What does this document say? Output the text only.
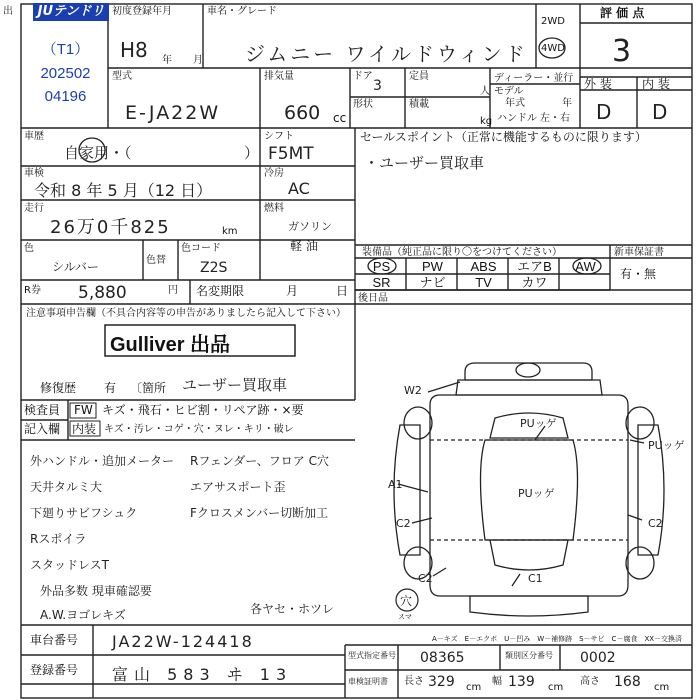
出	JUテンドリ
（T1）
202502
04196
初度登録年月
H8 年 月
車名・グレード
ジムニー ワイルドウィンド
2WD
4WD
評 価 点
3
外 装	内 装
D D
型式
E-JA22W
排気量
660 cc
ドア
3
定員
人 モデル
形状	積載
kg
ディーラー・並行
年式	年
ハンドル 左・右
車歴
自家用・（	）
シフト
F5MT
車検
令和 8 年 5 月（12 日）
冷房
AC
走行
26万0千825	km
燃料
ガソリン
軽 油
色
シルバー	色替
色コード
Z2S
R券 5,880	円 名変期限	月	日
セールスポイント（正常に機能するものに限ります）
・ユーザー買取車
装備品（純正品に限り〇をつけてください）	新車保証書
有・無
PS	PW	ABS	エアB	AW
SR	ナビ	TV	カワ
後日品
注意事項申告欄（不具合内容等の申告がありましたら記入して下さい）
Gulliver 出品
修復歴 有 〔箇所 ユーザー買取車
検査員
記入欄
FW キズ・飛石・ヒビ割・リペア跡・×要
内装 キズ・汚レ・コゲ・穴・ヌレ・キリ・破レ
外ハンドル・追加メーター
天井タルミ大
下廻りサビフシュク
Rスポイラ
スタッドレスT
外品多数 現車確認要
A.W.ヨゴレキズ
Rフェンダー、フロア C穴
エアサスポート歪
Fクロスメンバー切断加工
各ヤセ・ホツレ
W2
PUッゲ
PUッゲ
PUッゲ
A1
C2	C2
C2	C1
穴
スマ
A－キズ　E－エクボ　U－凹み　W－補修跡　S－サビ　C－腐食　XX－交換済
車台番号 JA22W-124418
登録番号 富山 583 ヰ 13
型式指定番号 08365	類別区分番号 0002
車検証明書 長さ 329 cm
幅 139 cm
高さ 168 cm
